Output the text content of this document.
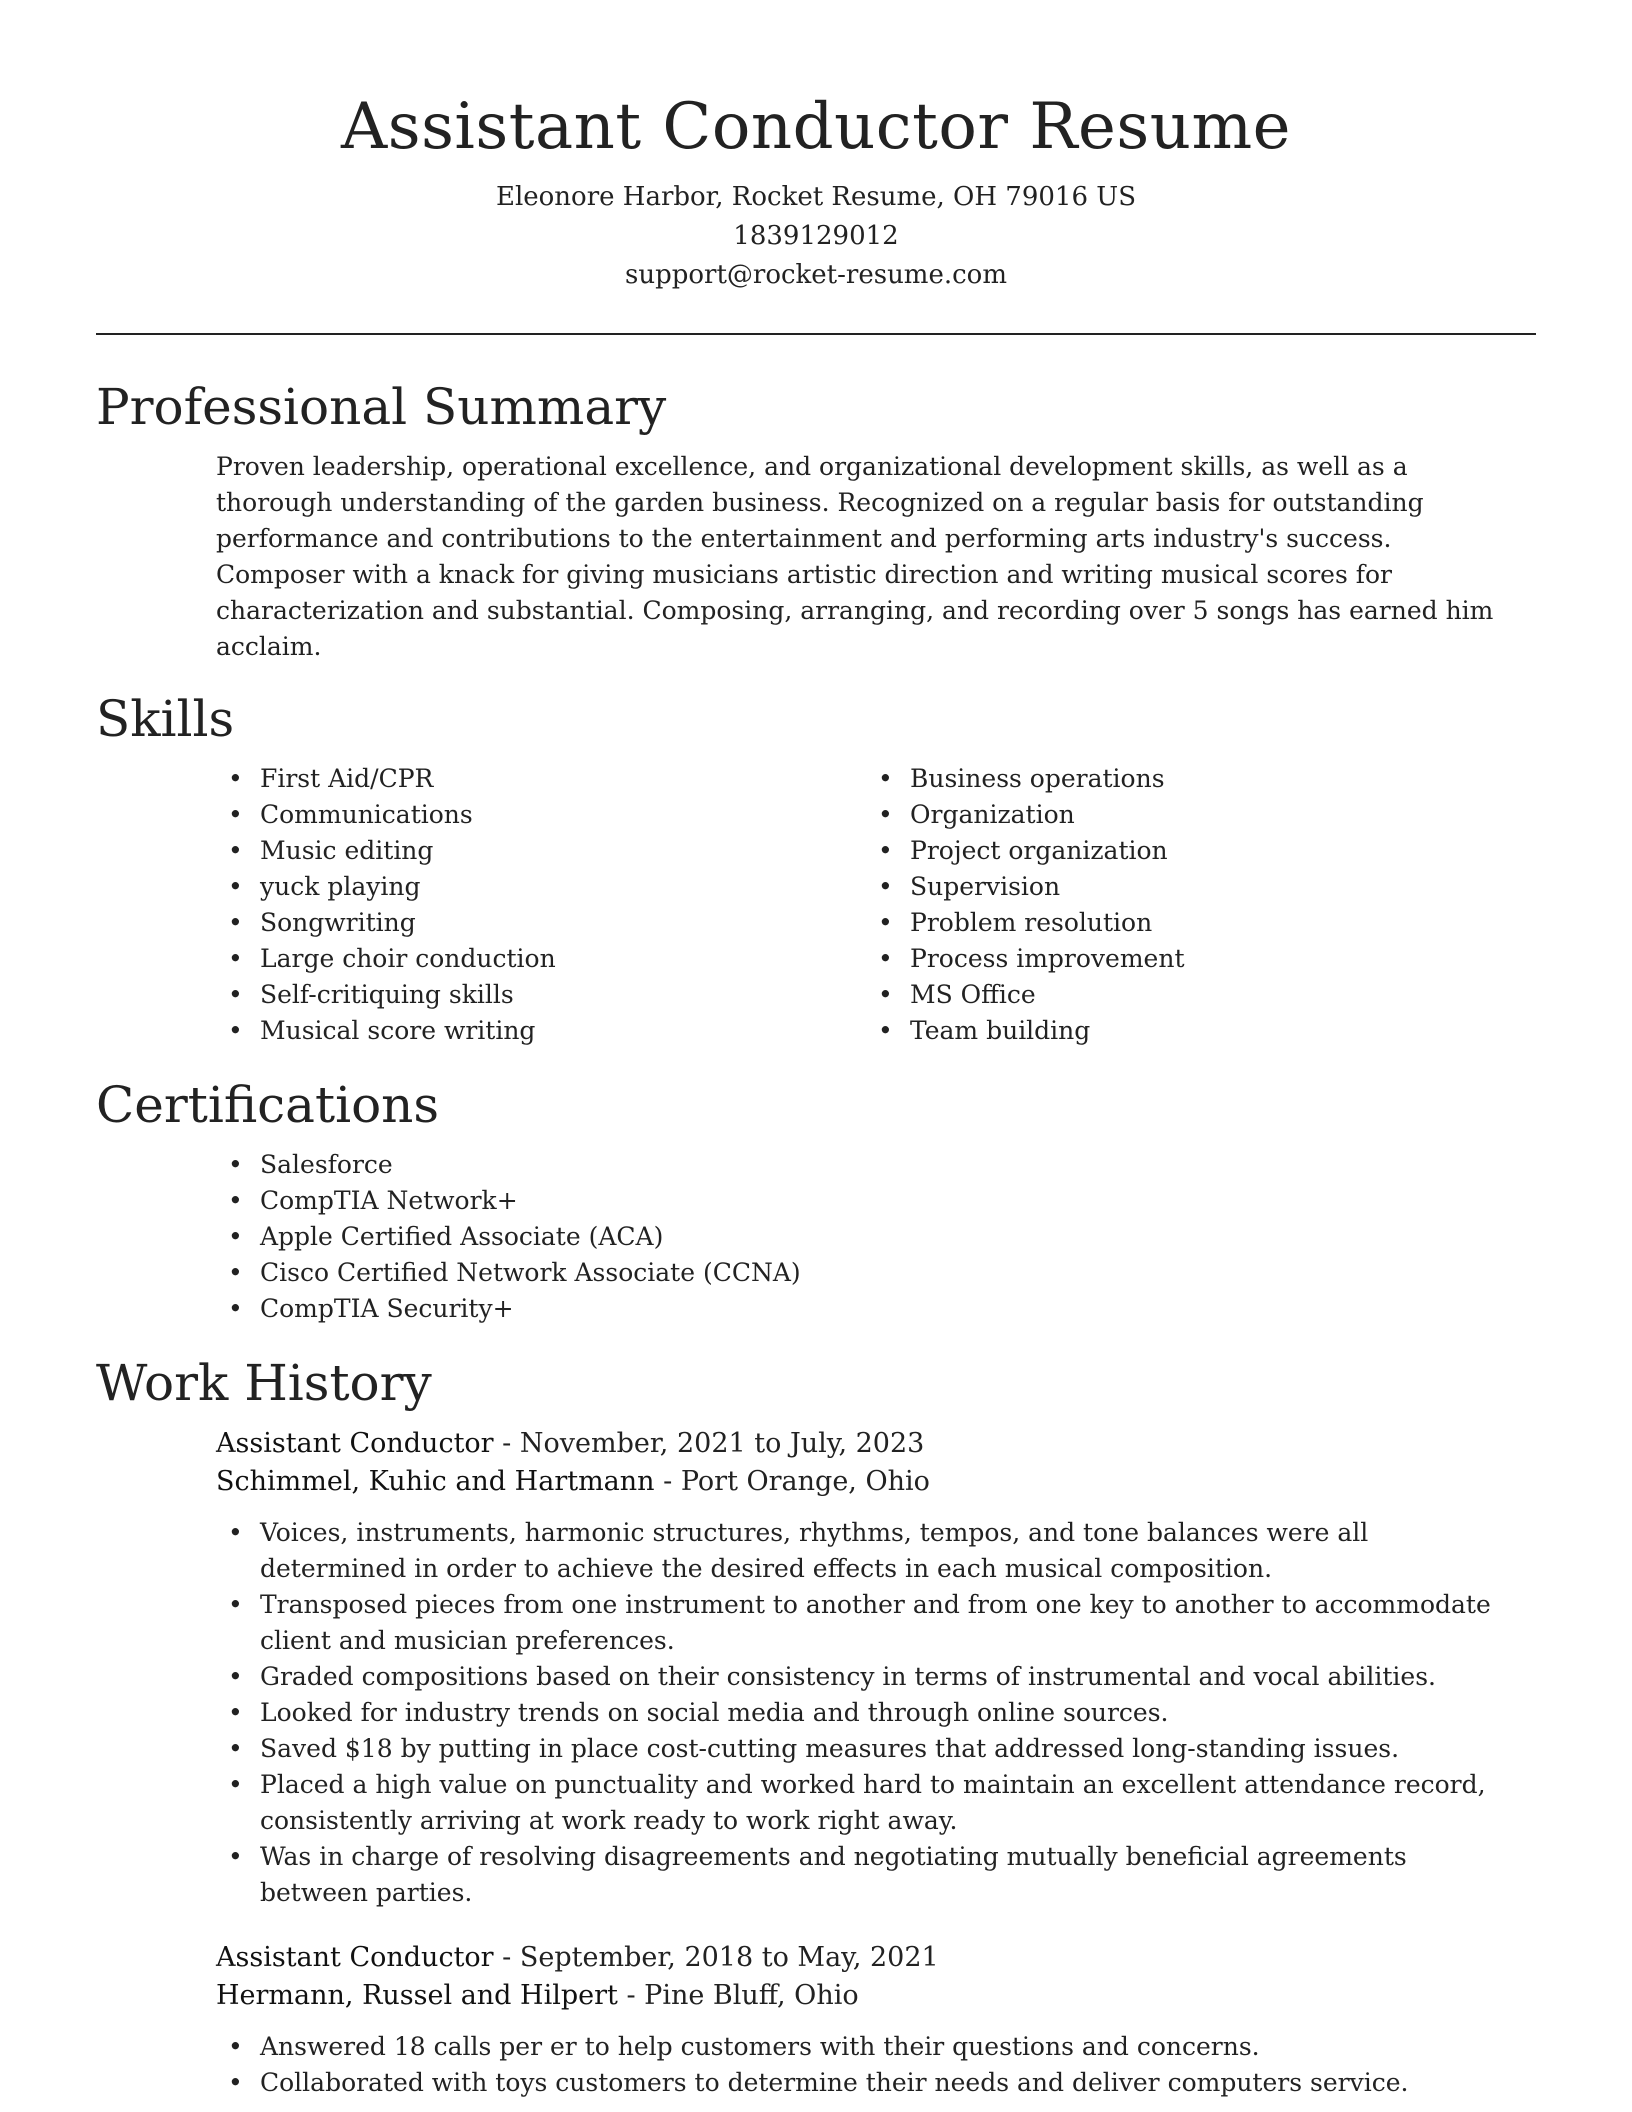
Assistant Conductor Resume
Eleonore Harbor, Rocket Resume, OH 79016 US
1839129012
support@rocket-resume.com
Professional Summary

Proven leadership, operational excellence, and organizational development skills, as well as a thorough understanding of the garden business. Recognized on a regular basis for outstanding performance and contributions to the entertainment and performing arts industry's success. Composer with a knack for giving musicians artistic direction and writing musical scores for characterization and substantial. Composing, arranging, and recording over 5 songs has earned him acclaim.

Skills
• First Aid/CPR
• Communications
• Music editing
• yuck playing
• Songwriting
• Large choir conduction
• Self-critiquing skills
• Musical score writing
• Business operations
• Organization
• Project organization
• Supervision
• Problem resolution
• Process improvement
• MS Office
• Team building
Certifications
• Salesforce
• CompTIA Network+
• Apple Certified Associate (ACA)
• Cisco Certified Network Associate (CCNA)
• CompTIA Security+
Work History
Assistant Conductor - November, 2021 to July, 2023
Schimmel, Kuhic and Hartmann - Port Orange, Ohio
• Voices, instruments, harmonic structures, rhythms, tempos, and tone balances were all determined in order to achieve the desired effects in each musical composition.
• Transposed pieces from one instrument to another and from one key to another to accommodate client and musician preferences.
• Graded compositions based on their consistency in terms of instrumental and vocal abilities.
• Looked for industry trends on social media and through online sources.
• Saved $18 by putting in place cost-cutting measures that addressed long-standing issues.
• Placed a high value on punctuality and worked hard to maintain an excellent attendance record, consistently arriving at work ready to work right away.
• Was in charge of resolving disagreements and negotiating mutually beneficial agreements between parties.
Assistant Conductor - September, 2018 to May, 2021
Hermann, Russel and Hilpert - Pine Bluff, Ohio
• Answered 18 calls per er to help customers with their questions and concerns.
• Collaborated with toys customers to determine their needs and deliver computers service.
